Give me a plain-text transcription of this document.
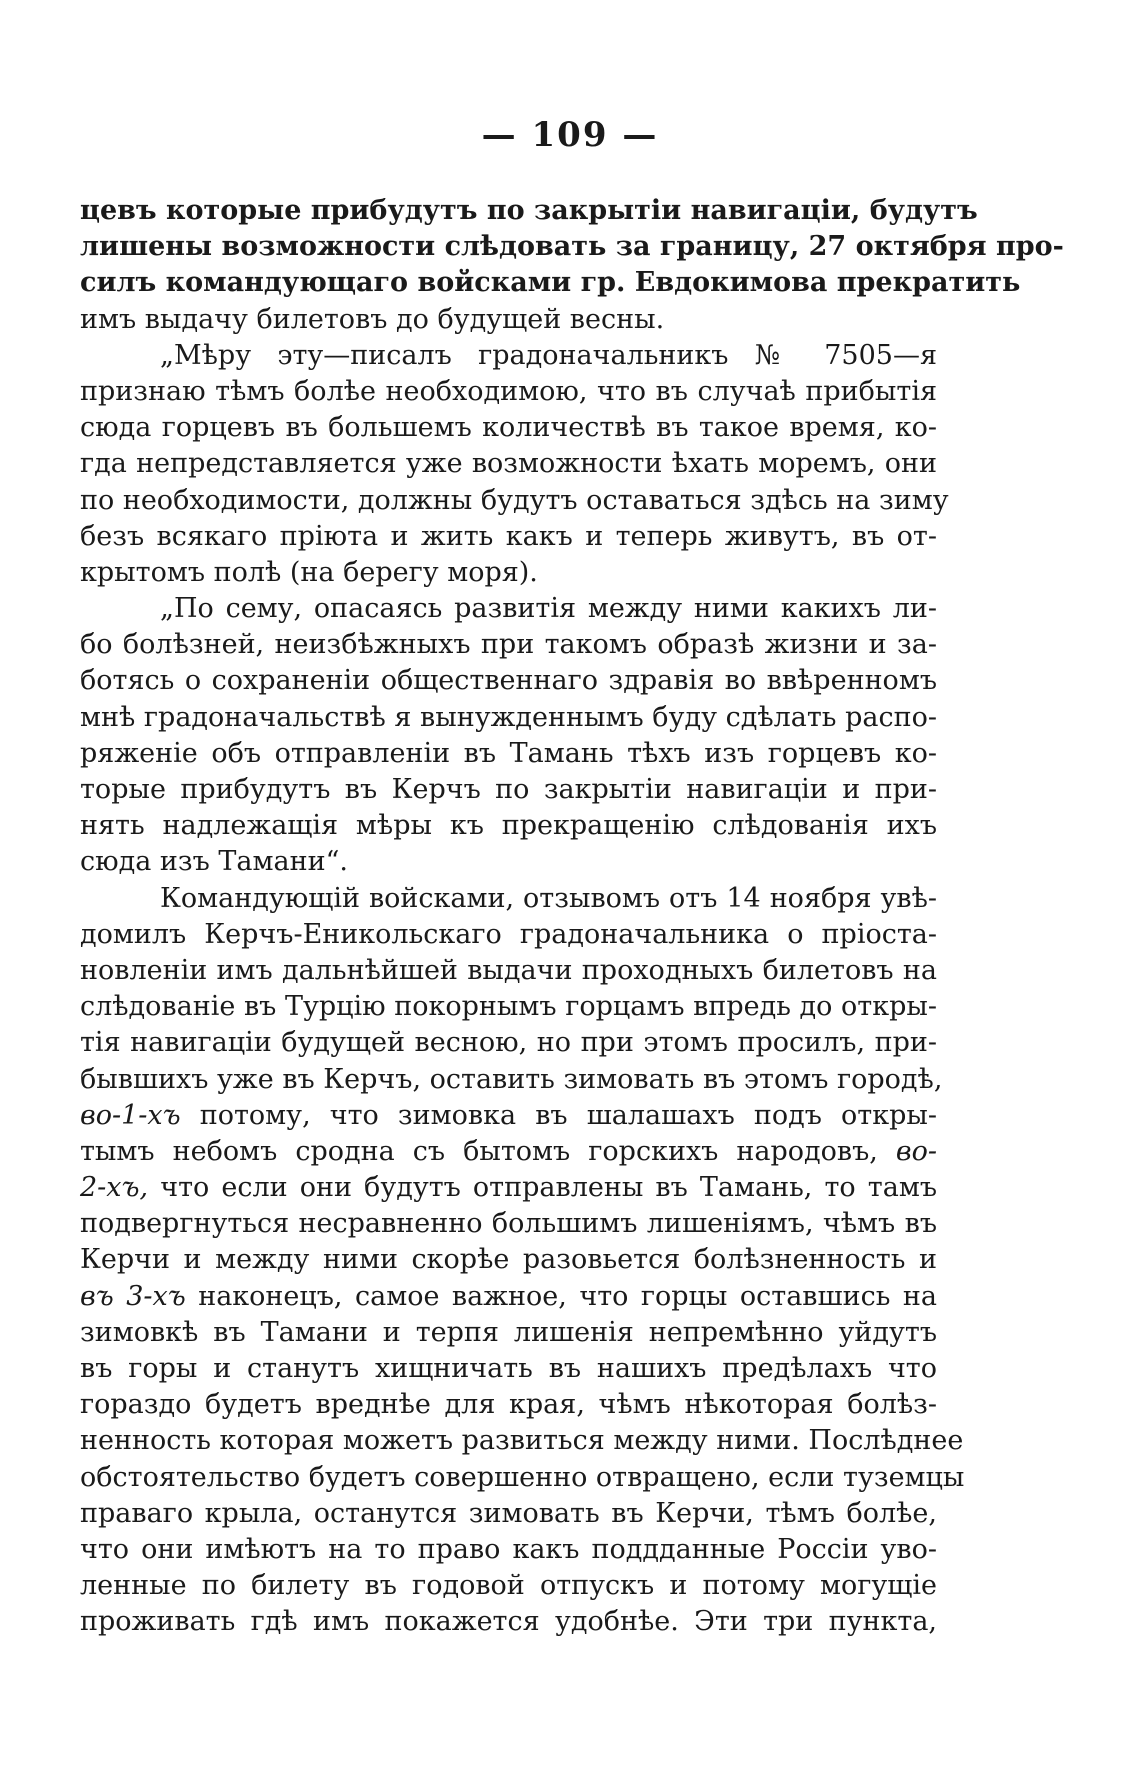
— 109 —
цевъ которые прибудутъ по закрытіи навигаціи, будутъ
лишены возможности слѣдовать за границу, 27 октября про-
силъ командующаго войсками гр. Евдокимова прекратить
имъ выдачу билетовъ до будущей весны.
„Мѣру эту—писалъ градоначальникъ № 7505—я
признаю тѣмъ болѣе необходимою, что въ случаѣ прибытія
сюда горцевъ въ большемъ количествѣ въ такое время, ко-
гда непредставляется уже возможности ѣхать моремъ, они
по необходимости, должны будутъ оставаться здѣсь на зиму
безъ всякаго пріюта и жить какъ и теперь живутъ, въ от-
крытомъ полѣ (на берегу моря).
„По сему, опасаясь развитія между ними какихъ ли-
бо болѣзней, неизбѣжныхъ при такомъ образѣ жизни и за-
ботясь о сохраненіи общественнаго здравія во ввѣренномъ
мнѣ градоначальствѣ я вынужденнымъ буду сдѣлать распо-
ряженіе объ отправленіи въ Тамань тѣхъ изъ горцевъ ко-
торые прибудутъ въ Керчъ по закрытіи навигаціи и при-
нять надлежащія мѣры къ прекращенію слѣдованія ихъ
сюда изъ Тамани“.
Командующій войсками, отзывомъ отъ 14 ноября увѣ-
домилъ Керчъ-Еникольскаго градоначальника о пріоста-
новленіи имъ дальнѣйшей выдачи проходныхъ билетовъ на
слѣдованіе въ Турцію покорнымъ горцамъ впредь до откры-
тія навигаціи будущей весною, но при этомъ просилъ, при-
бывшихъ уже въ Керчъ, оставить зимовать въ этомъ городѣ,
во-1-хъ потому, что зимовка въ шалашахъ подъ откры-
тымъ небомъ сродна съ бытомъ горскихъ народовъ, во-
2-хъ, что если они будутъ отправлены въ Тамань, то тамъ
подвергнуться несравненно большимъ лишеніямъ, чѣмъ въ
Керчи и между ними скорѣе разовьется болѣзненность и
въ 3-хъ наконецъ, самое важное, что горцы оставшись на
зимовкѣ въ Тамани и терпя лишенія непремѣнно уйдутъ
въ горы и станутъ хищничать въ нашихъ предѣлахъ что
гораздо будетъ вреднѣе для края, чѣмъ нѣкоторая болѣз-
ненность которая можетъ развиться между ними. Послѣднее
обстоятельство будетъ совершенно отвращено, если туземцы
праваго крыла, останутся зимовать въ Керчи, тѣмъ болѣе,
что они имѣютъ на то право какъ поддданные Россіи уво-
ленные по билету въ годовой отпускъ и потому могущіе
проживать гдѣ имъ покажется удобнѣе. Эти три пункта,
